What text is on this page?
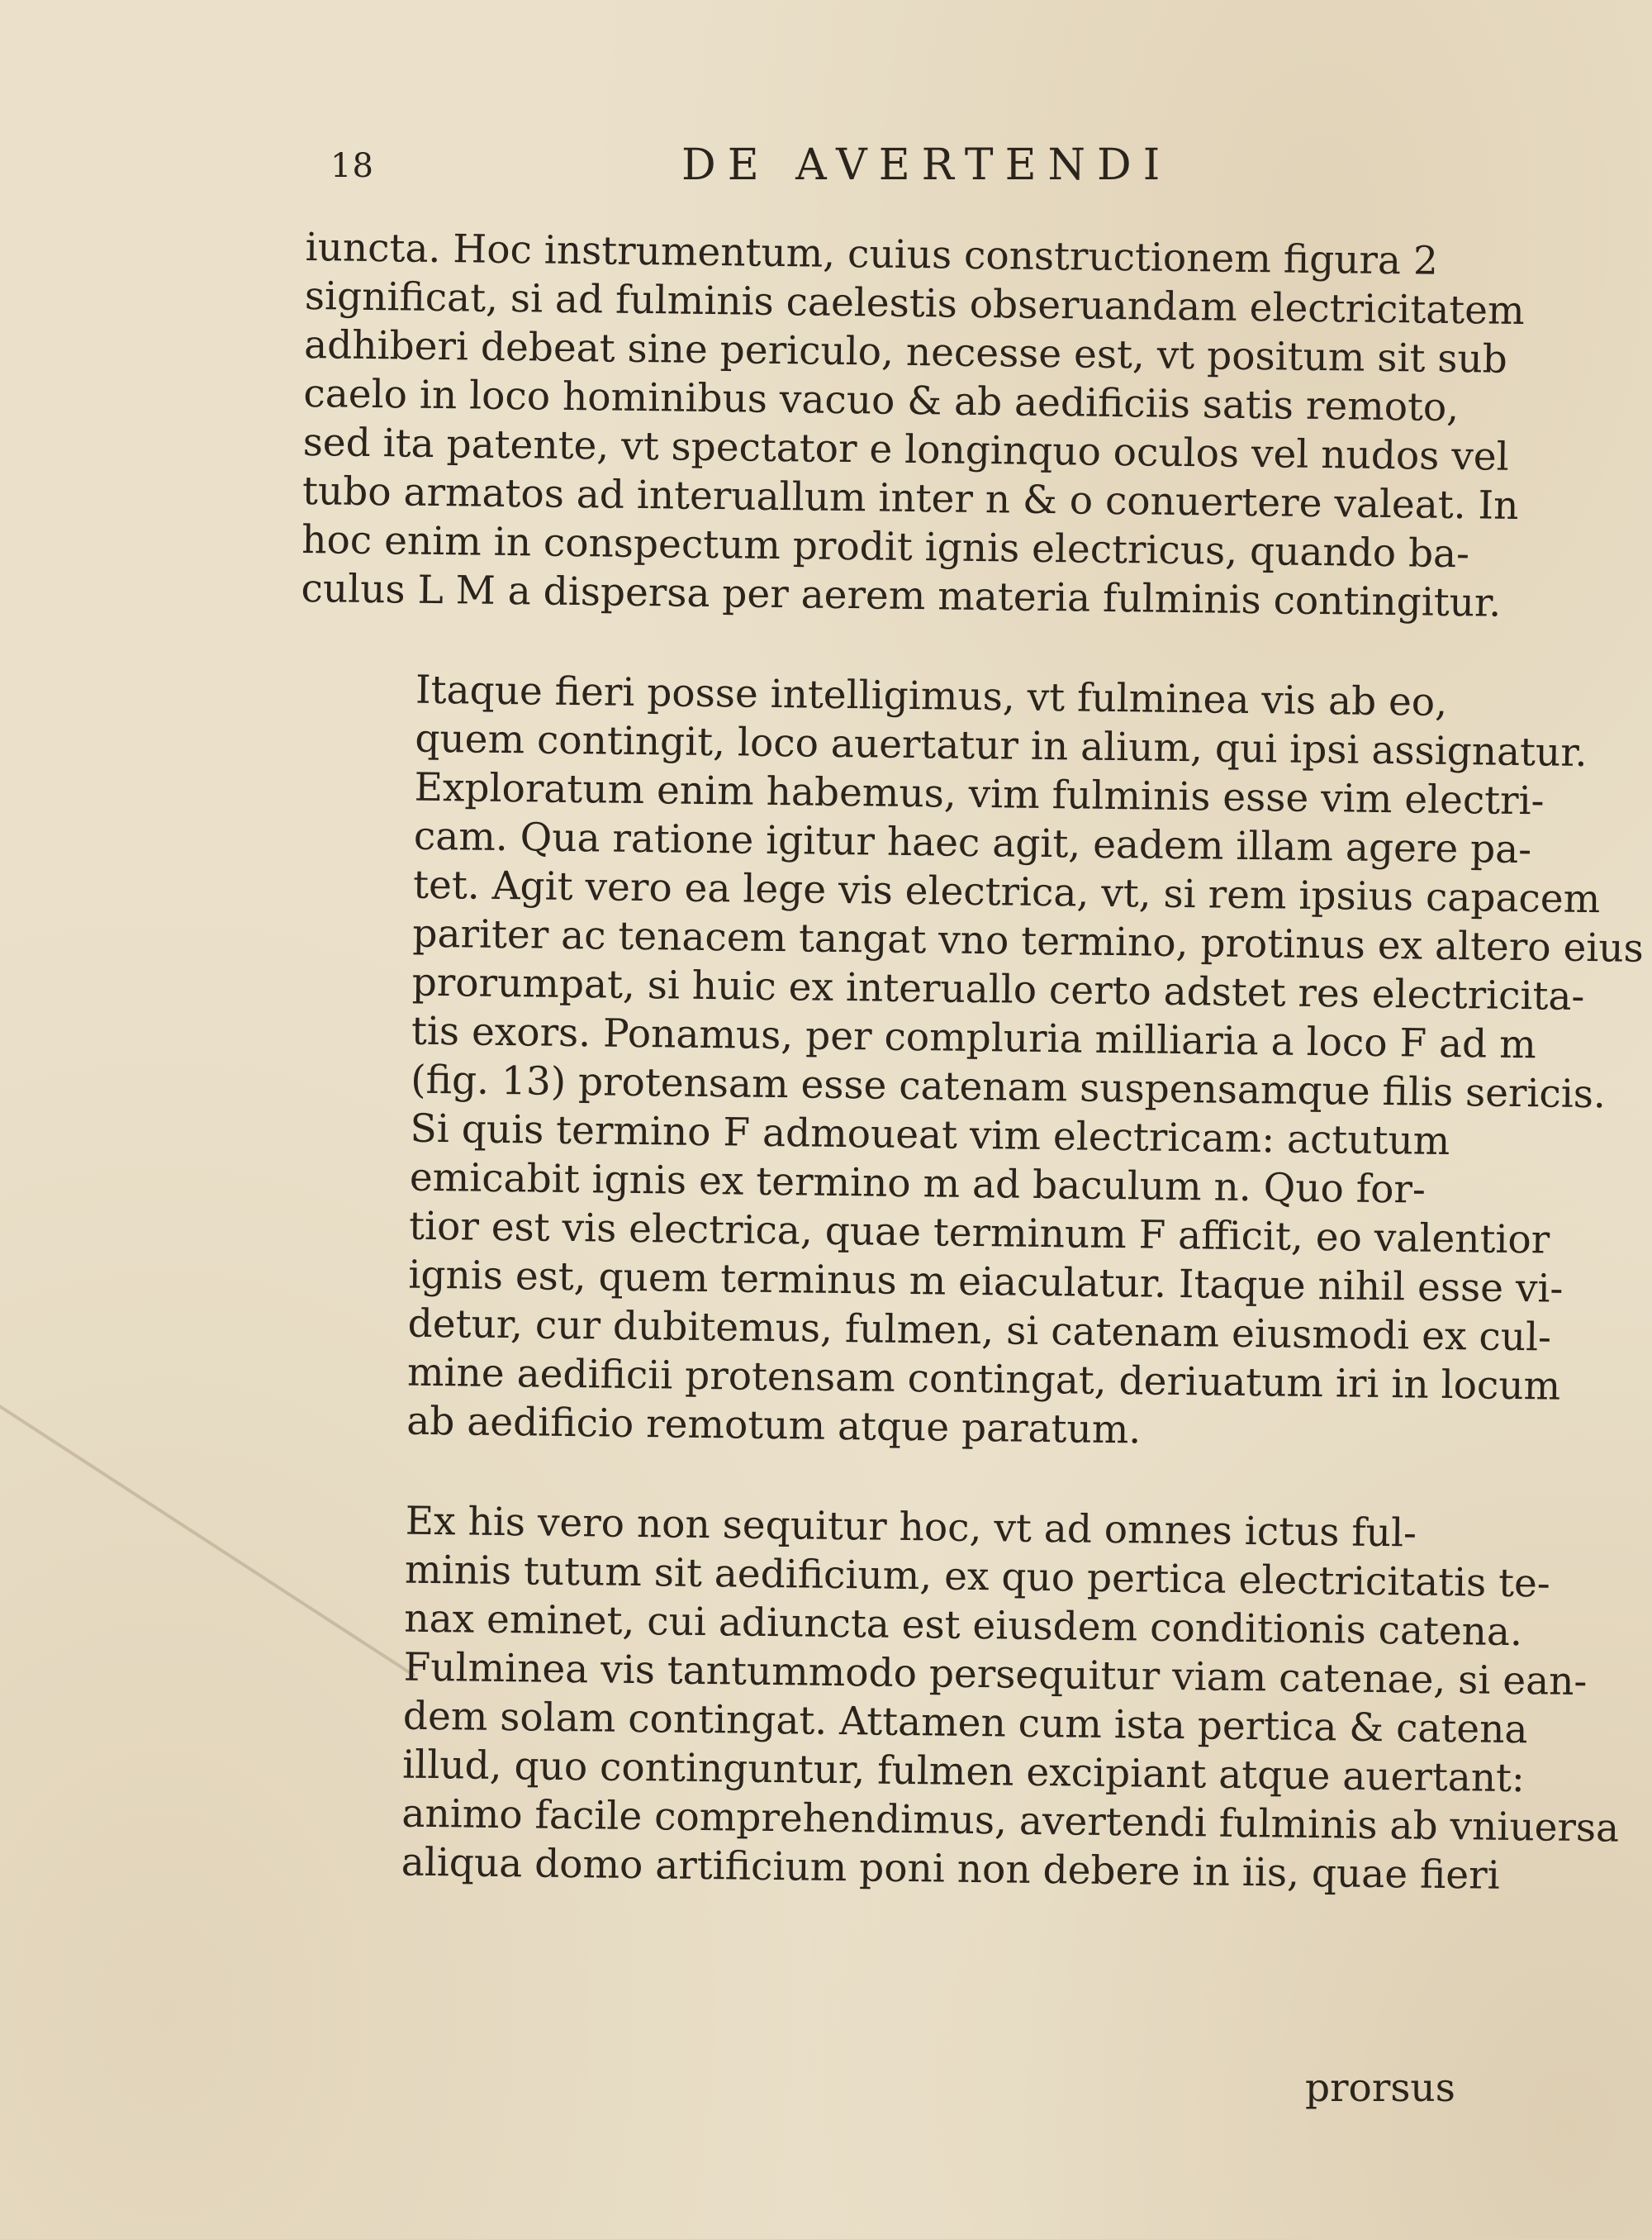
18	DE AVERTENDI
iuncta. Hoc instrumentum, cuius constructionem figura 2
significat, si ad fulminis caelestis obseruandam electricitatem
adhiberi debeat sine periculo, necesse est, vt positum sit sub
caelo in loco hominibus vacuo & ab aedificiis satis remoto,
sed ita patente, vt spectator e longinquo oculos vel nudos vel
tubo armatos ad interuallum inter n & o conuertere valeat. In
hoc enim in conspectum prodit ignis electricus, quando ba-
culus L M a dispersa per aerem materia fulminis contingitur.
Itaque fieri posse intelligimus, vt fulminea vis ab eo,
quem contingit, loco auertatur in alium, qui ipsi assignatur.
Exploratum enim habemus, vim fulminis esse vim electri-
cam. Qua ratione igitur haec agit, eadem illam agere pa-
tet. Agit vero ea lege vis electrica, vt, si rem ipsius capacem
pariter ac tenacem tangat vno termino, protinus ex altero eius
prorumpat, si huic ex interuallo certo adstet res electricita-
tis exors. Ponamus, per compluria milliaria a loco F ad m
(fig. 13) protensam esse catenam suspensamque filis sericis.
Si quis termino F admoueat vim electricam: actutum
emicabit ignis ex termino m ad baculum n. Quo for-
tior est vis electrica, quae terminum F afficit, eo valentior
ignis est, quem terminus m eiaculatur. Itaque nihil esse vi-
detur, cur dubitemus, fulmen, si catenam eiusmodi ex cul-
mine aedificii protensam contingat, deriuatum iri in locum
ab aedificio remotum atque paratum.
Ex his vero non sequitur hoc, vt ad omnes ictus ful-
minis tutum sit aedificium, ex quo pertica electricitatis te-
nax eminet, cui adiuncta est eiusdem conditionis catena.
Fulminea vis tantummodo persequitur viam catenae, si ean-
dem solam contingat. Attamen cum ista pertica & catena
illud, quo continguntur, fulmen excipiant atque auertant:
animo facile comprehendimus, avertendi fulminis ab vniuersa
aliqua domo artificium poni non debere in iis, quae fieri
prorsus
